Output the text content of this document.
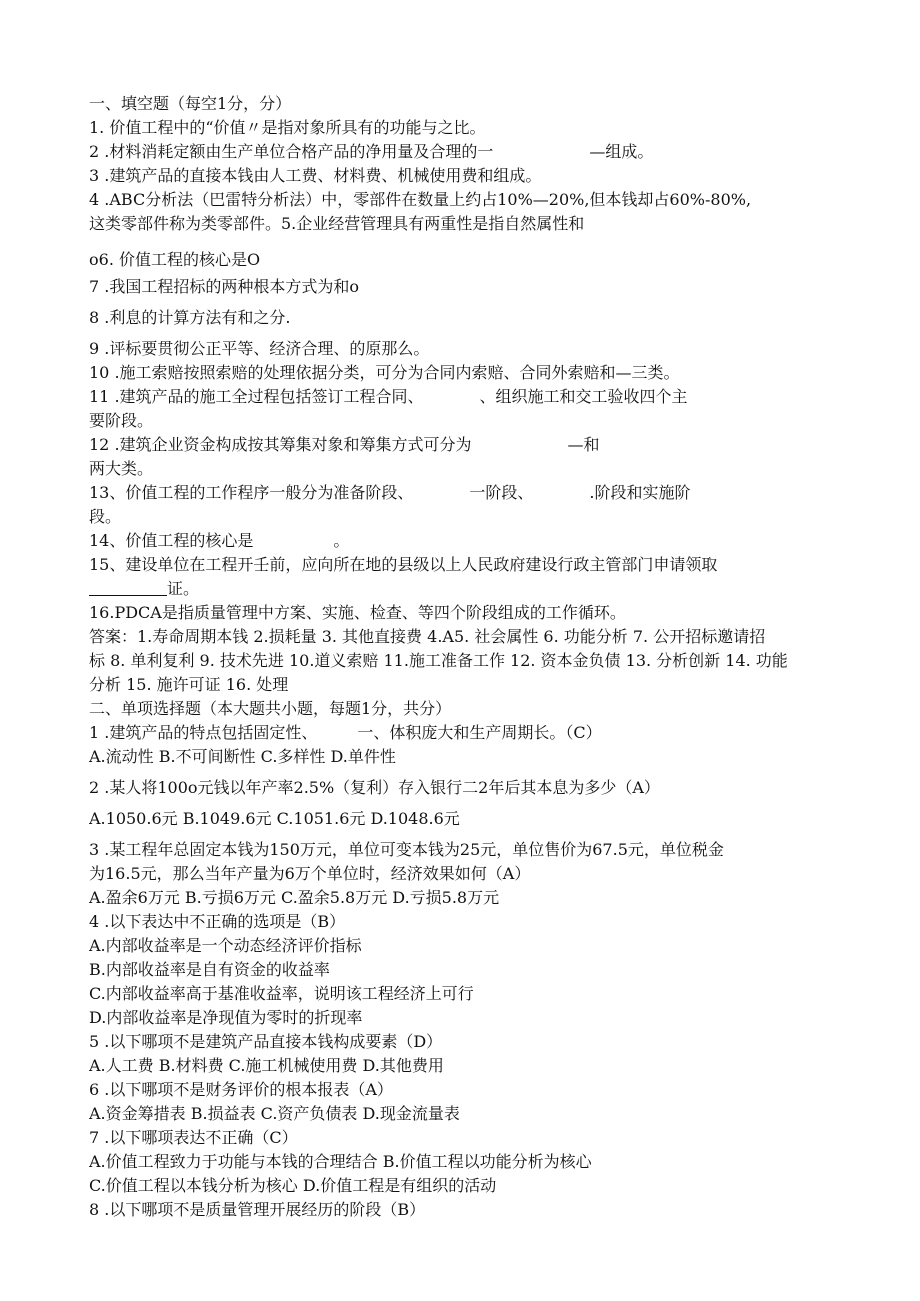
一、填空题（每空1分，分）
1. 价值工程中的“价值〃是指对象所具有的功能与之比。
2 .材料消耗定额由生产单位合格产品的净用量及合理的一　　　　　　—组成。
3 .建筑产品的直接本钱由人工费、材料费、机械使用费和组成。
4 .ABC分析法（巴雷特分析法）中，零部件在数量上约占10%—20%,但本钱却占60%-80%,
这类零部件称为类零部件。5.企业经营管理具有两重性是指自然属性和
o6. 价值工程的核心是O
7 .我国工程招标的两种根本方式为和o
8 .利息的计算方法有和之分.
9 .评标要贯彻公正平等、经济合理、的原那么。
10 .施工索赔按照索赔的处理依据分类，可分为合同内索赔、合同外索赔和—三类。
11 .建筑产品的施工全过程包括签订工程合同、　　　　、组织施工和交工验收四个主
要阶段。
12 .建筑企业资金构成按其筹集对象和筹集方式可分为　　　　　　—和
两大类。
13、价值工程的工作程序一般分为准备阶段、　　　　一阶段、　　　　.阶段和实施阶
段。
14、价值工程的核心是　　　　　。
15、建设单位在工程开壬前，应向所在地的县级以上人民政府建设行政主管部门申请领取
证。
16.PDCA是指质量管理中方案、实施、检查、等四个阶段组成的工作循环。
答案：1.寿命周期本钱 2.损耗量 3. 其他直接费 4.A5. 社会属性 6. 功能分析 7. 公开招标邀请招
标 8. 单利复利 9. 技术先进 10.道义索赔 11.施工准备工作 12. 资本金负债 13. 分析创新 14. 功能
分析 15. 施许可证 16. 处理
二、单项选择题（本大题共小题，每题1分，共分）
1 .建筑产品的特点包括固定性、　　　一、体积庞大和生产周期长。（C）
A.流动性 B.不可间断性 C.多样性 D.单件性
2 .某人将100o元钱以年产率2.5%（复利）存入银行二2年后其本息为多少（A）
A.1050.6元 B.1049.6元 C.1051.6元 D.1048.6元
3 .某工程年总固定本钱为150万元，单位可变本钱为25元，单位售价为67.5元，单位税金
为16.5元，那么当年产量为6万个单位时，经济效果如何（A）
A.盈余6万元 B.亏损6万元 C.盈余5.8万元 D.亏损5.8万元
4 .以下表达中不正确的选项是（B）
A.内部收益率是一个动态经济评价指标
B.内部收益率是自有资金的收益率
C.内部收益率高于基准收益率，说明该工程经济上可行
D.内部收益率是净现值为零时的折现率
5 .以下哪项不是建筑产品直接本钱构成要素（D）
A.人工费 B.材料费 C.施工机械使用费 D.其他费用
6 .以下哪项不是财务评价的根本报表（A）
A.资金筹措表 B.损益表 C.资产负债表 D.现金流量表
7 .以下哪项表达不正确（C）
A.价值工程致力于功能与本钱的合理结合 B.价值工程以功能分析为核心
C.价值工程以本钱分析为核心 D.价值工程是有组织的活动
8 .以下哪项不是质量管理开展经历的阶段（B）
